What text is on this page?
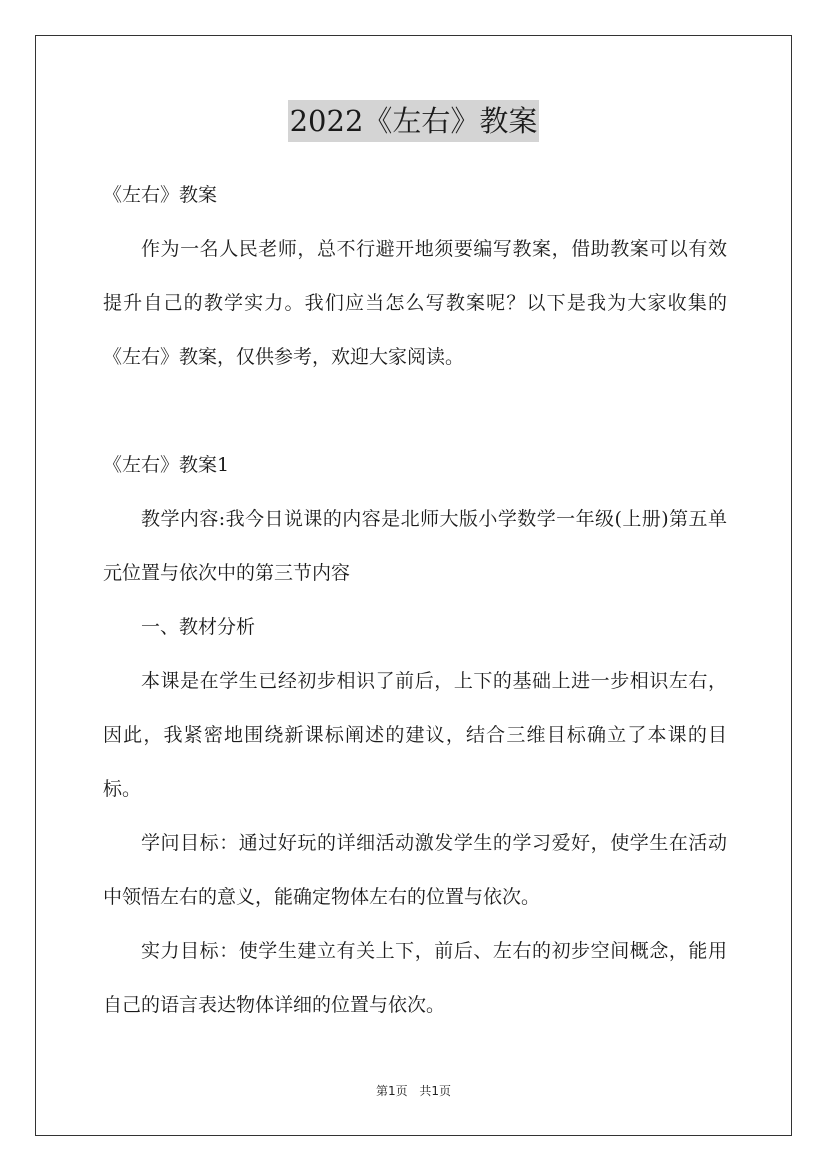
2022《左右》教案

《左右》教案

作为一名人民老师，总不行避开地须要编写教案，借助教案可以有效提升自己的教学实力。我们应当怎么写教案呢？以下是我为大家收集的《左右》教案，仅供参考，欢迎大家阅读。

《左右》教案1

教学内容:我今日说课的内容是北师大版小学数学一年级(上册)第五单元位置与依次中的第三节内容

一、教材分析

本课是在学生已经初步相识了前后，上下的基础上进一步相识左右，因此，我紧密地围绕新课标阐述的建议，结合三维目标确立了本课的目标。

学问目标：通过好玩的详细活动激发学生的学习爱好，使学生在活动中领悟左右的意义，能确定物体左右的位置与依次。

实力目标：使学生建立有关上下，前后、左右的初步空间概念，能用自己的语言表达物体详细的位置与依次。

第1页 共1页
